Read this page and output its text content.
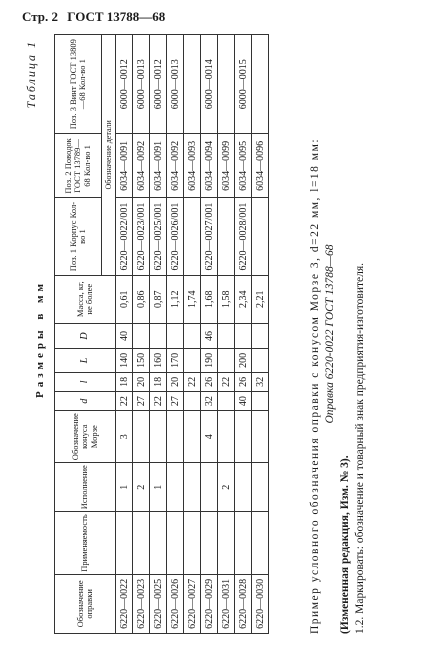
Стр. 2 ГОСТ 13788—68
Таблица 1
Размеры в мм
Обозначение оправки	Применяемость	Исполнение	Обозначение конуса Морзе	d	l	L	D	Масса, кг, не более	Поз. 1 Корпус Кол-во 1	Поз. 2 Поводок ГОСТ 13789—68 Кол-во 1	Поз. 3 Винт ГОСТ 13809—68 Кол-во 1
									Обозначение детали		
6220—0022		1	3	22	18	140	40	0,61	6220—0022/001	6034—0091	6000—0012
6220—0023		2		27	20	150		0,86	6220—0023/001	6034—0092	6000—0013
6220—0025		1		22	18	160		0,87	6220—0025/001	6034—0091	6000—0012
6220—0026				27	20	170		1,12	6220—0026/001	6034—0092	6000—0013
6220—0027					22			1,74		6034—0093	
6220—0029			4	32	26	190	46	1,68	6220—0027/001	6034—0094	6000—0014
6220—0031		2			22			1,58		6034—0099	
6220—0028				40	26	200		2,34	6220—0028/001	6034—0095	6000—0015
6220—0030					32			2,21		6034—0096		Пример условного обозначения оправки с конусом Морзе 3, d=22 мм, l=18 мм: Оправка 6220-0022 ГОСТ 13788—68

(Измененная редакция, Изм. № 3). 1.2. Маркировать: обозначение и товарный знак предприятия-изготовителя.
